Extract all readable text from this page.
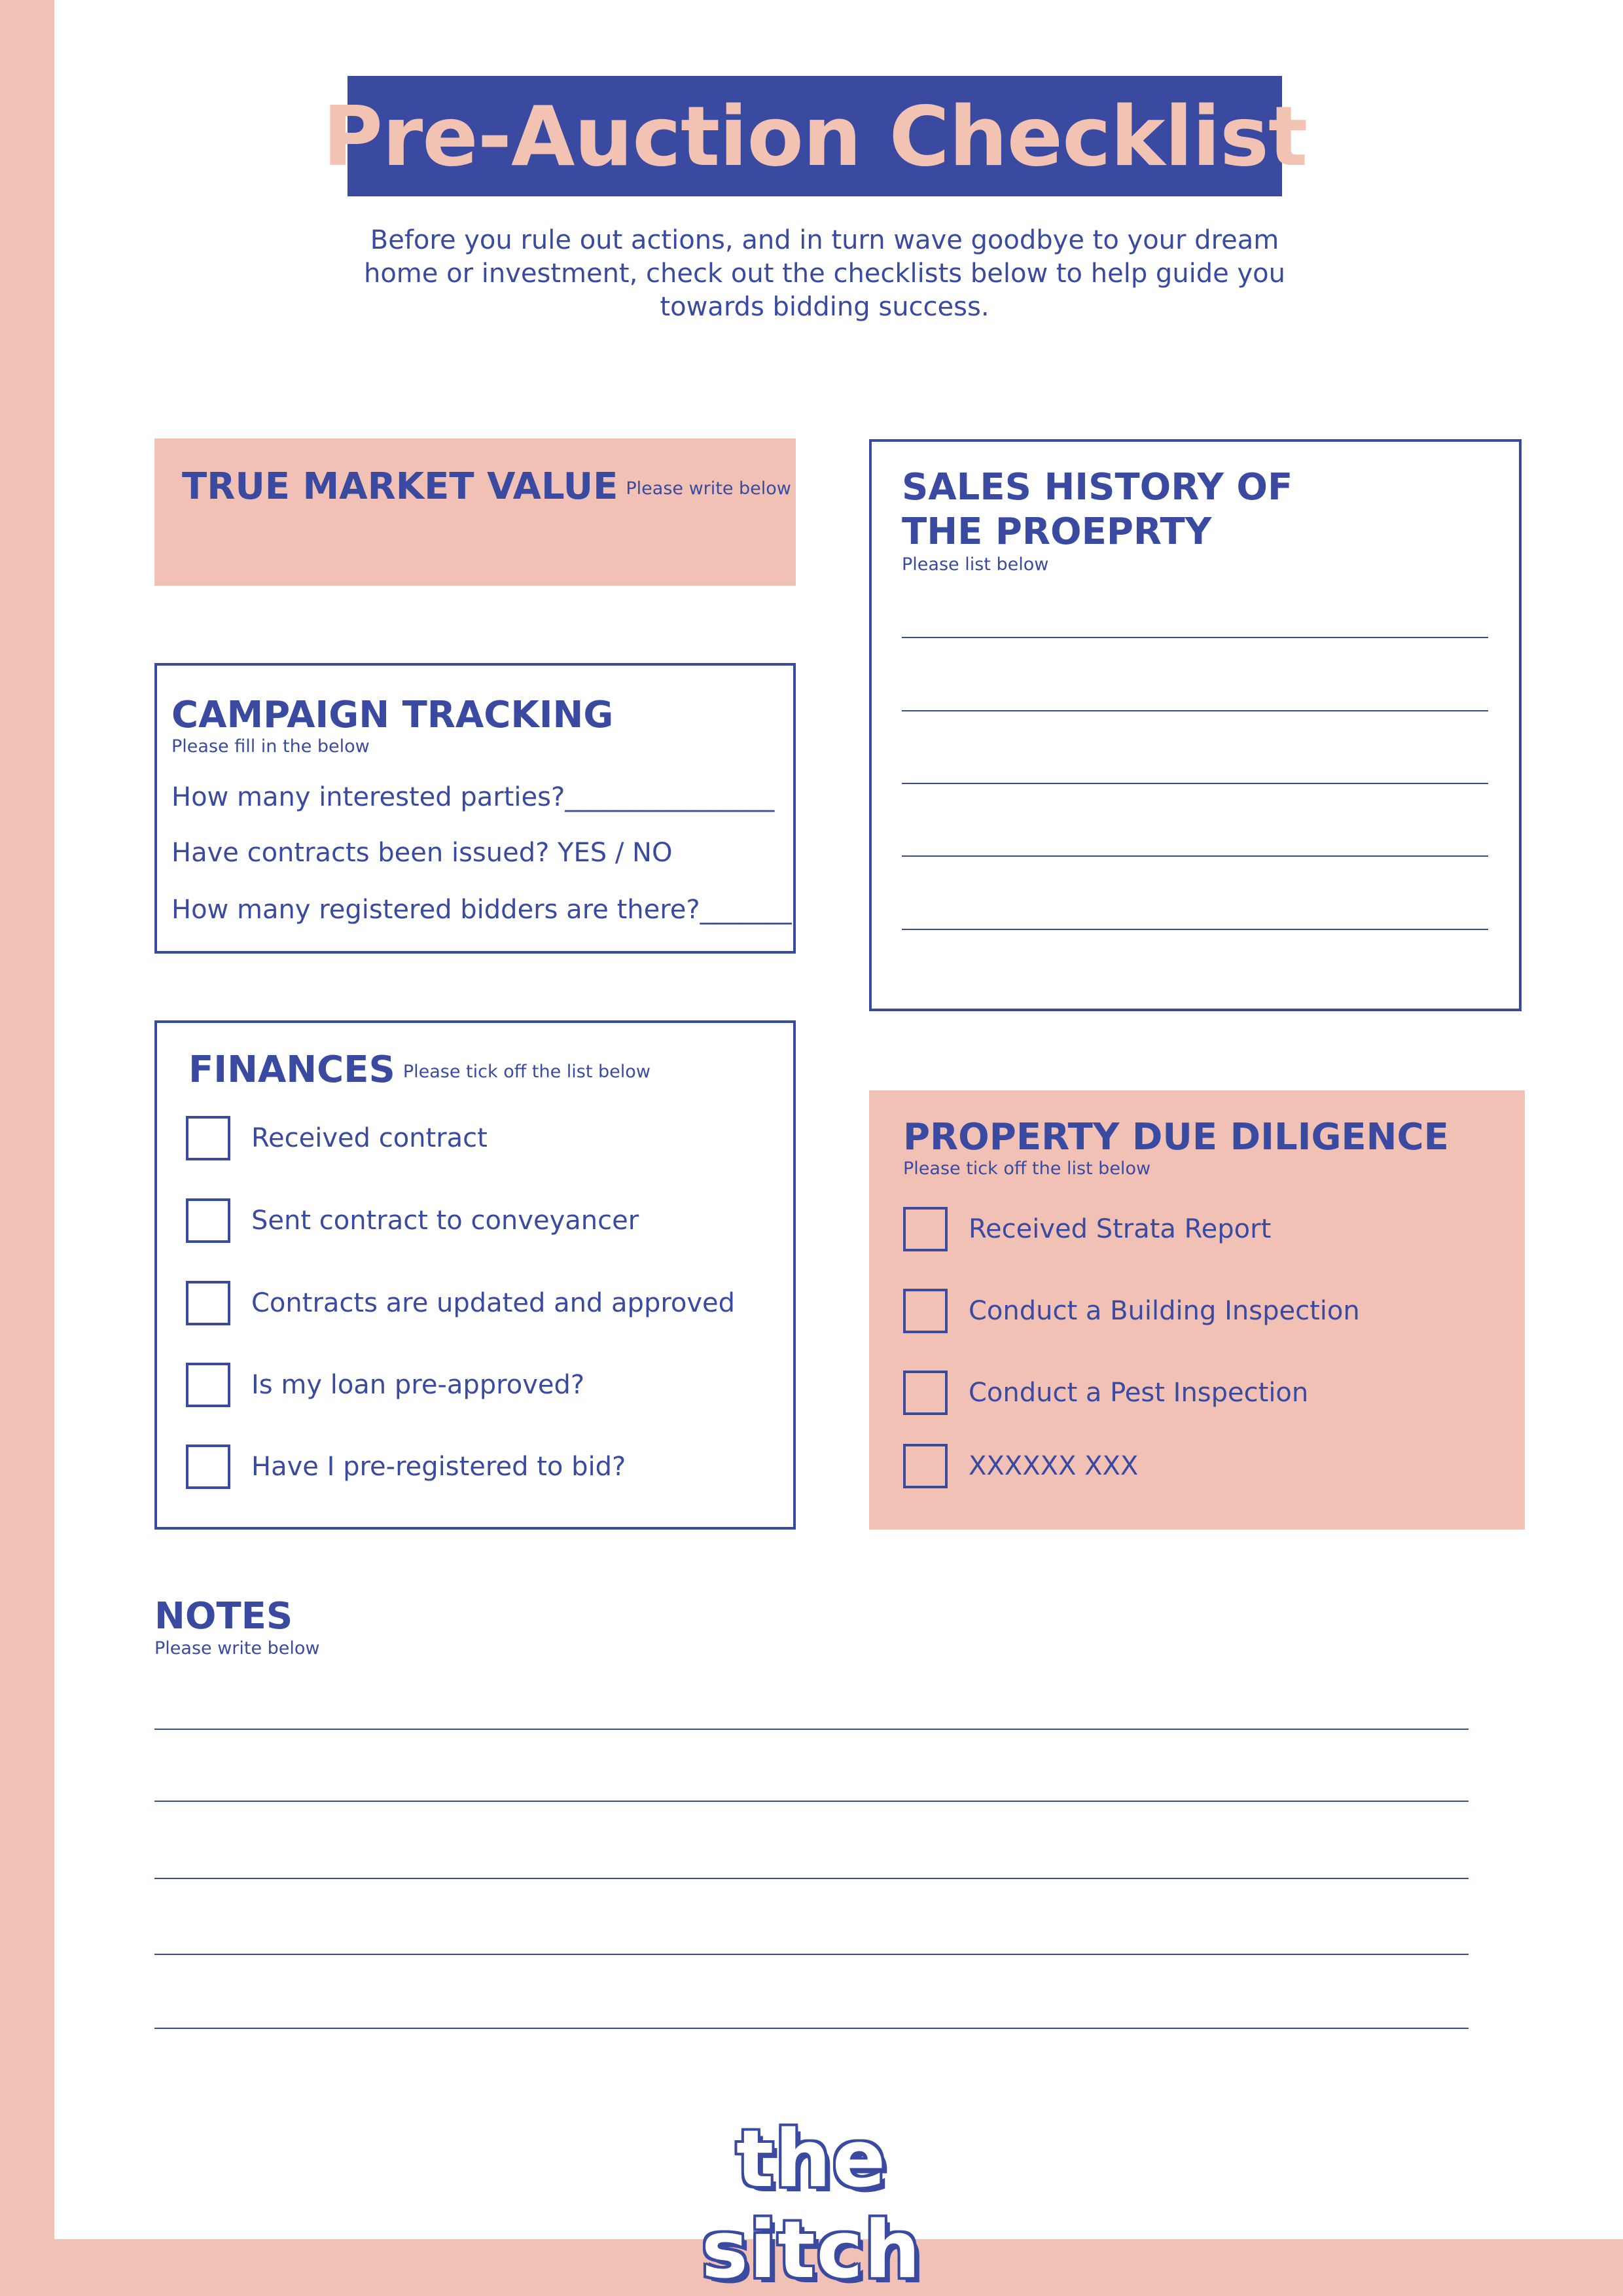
Pre-Auction Checklist
Before you rule out actions, and in turn wave goodbye to your dream home or investment, check out the checklists below to help guide you towards bidding success.
TRUE MARKET VALUE Please write below	SALES HISTORY OF
THE PROEPRTY
Please list below
CAMPAIGN TRACKING
Please fill in the below
How many interested parties?________________
Have contracts been issued? YES / NO
How many registered bidders are there?_______
FINANCES Please tick off the list below
Received contract
Sent contract to conveyancer
Contracts are updated and approved
Is my loan pre-approved?
Have I pre-registered to bid?
PROPERTY DUE DILIGENCE
Please tick off the list below
Received Strata Report
Conduct a Building Inspection
Conduct a Pest Inspection
XXXXXX XXX
NOTES
Please write below
the sitch
